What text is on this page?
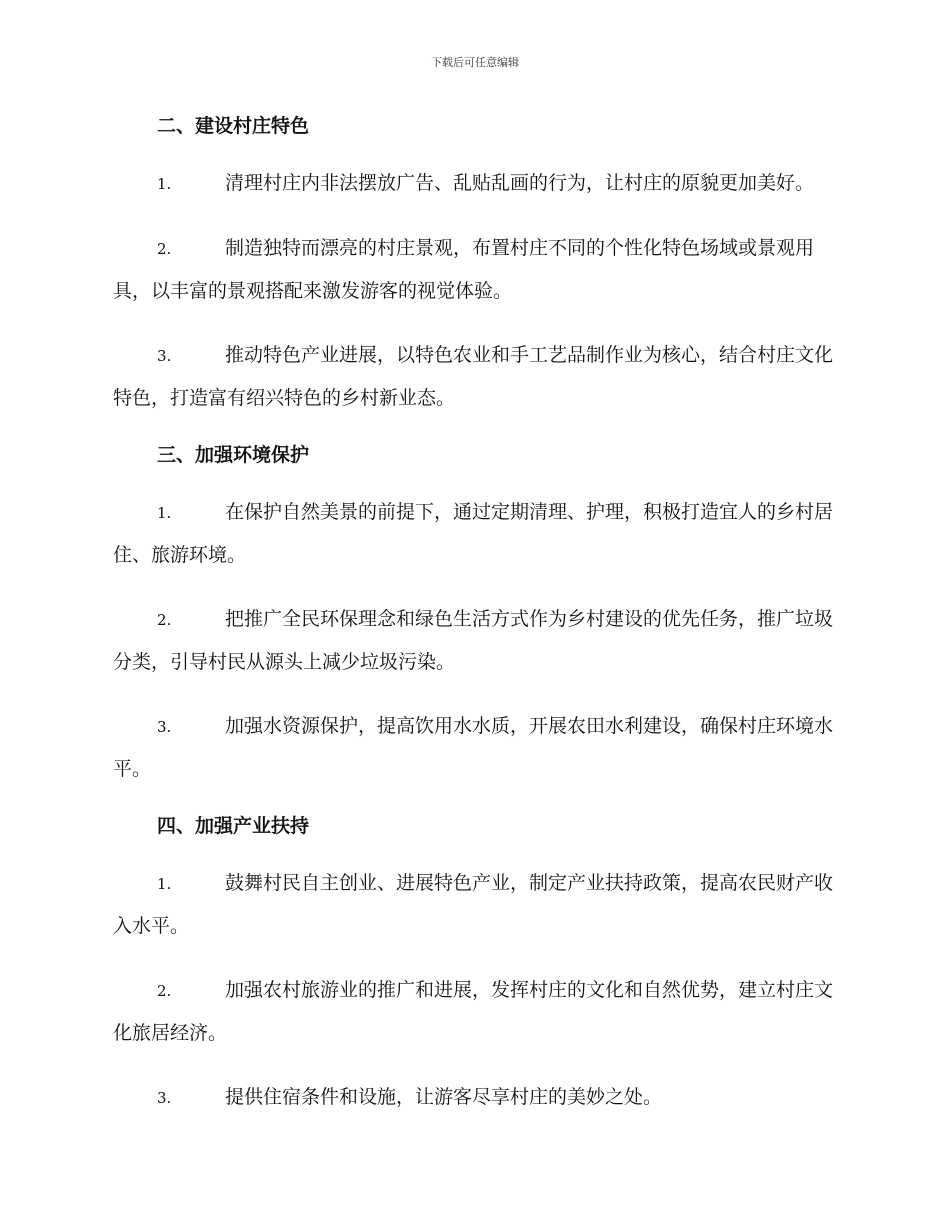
下载后可任意编辑
二、建设村庄特色

1.	清理村庄内非法摆放广告、乱贴乱画的行为，让村庄的原貌更加美好。

2.	制造独特而漂亮的村庄景观，布置村庄不同的个性化特色场域或景观用具，以丰富的景观搭配来激发游客的视觉体验。

3.	推动特色产业进展，以特色农业和手工艺品制作业为核心，结合村庄文化特色，打造富有绍兴特色的乡村新业态。

三、加强环境保护

1.	在保护自然美景的前提下，通过定期清理、护理，积极打造宜人的乡村居住、旅游环境。

2.	把推广全民环保理念和绿色生活方式作为乡村建设的优先任务，推广垃圾分类，引导村民从源头上减少垃圾污染。

3.	加强水资源保护，提高饮用水水质，开展农田水利建设，确保村庄环境水平。

四、加强产业扶持

1.	鼓舞村民自主创业、进展特色产业，制定产业扶持政策，提高农民财产收入水平。

2.	加强农村旅游业的推广和进展，发挥村庄的文化和自然优势，建立村庄文化旅居经济。

3.	提供住宿条件和设施，让游客尽享村庄的美妙之处。
